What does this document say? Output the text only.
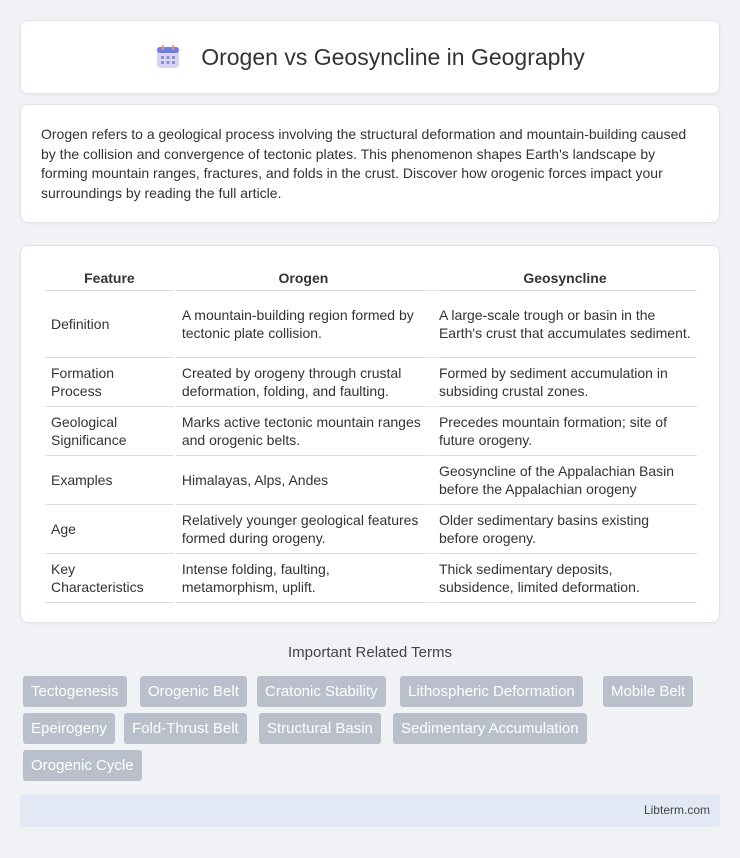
Orogen vs Geosyncline in Geography

Orogen refers to a geological process involving the structural deformation and mountain-building caused by the collision and convergence of tectonic plates. This phenomenon shapes Earth's landscape by forming mountain ranges, fractures, and folds in the crust. Discover how orogenic forces impact your surroundings by reading the full article.

Feature	Orogen	Geosyncline
Definition	A mountain-building region formed by tectonic plate collision.	A large-scale trough or basin in the Earth's crust that accumulates sediment.
Formation Process	Created by orogeny through crustal deformation, folding, and faulting.	Formed by sediment accumulation in subsiding crustal zones.
Geological Significance	Marks active tectonic mountain ranges and orogenic belts.	Precedes mountain formation; site of future orogeny.
Examples	Himalayas, Alps, Andes	Geosyncline of the Appalachian Basin before the Appalachian orogeny
Age	Relatively younger geological features formed during orogeny.	Older sedimentary basins existing before orogeny.
Key Characteristics	Intense folding, faulting, metamorphism, uplift.	Thick sedimentary deposits, subsidence, limited deformation.
Important Related Terms
Tectogenesis	Orogenic Belt	Cratonic Stability	Lithospheric Deformation	Mobile Belt
Epeirogeny	Fold-Thrust Belt	Structural Basin	Sedimentary Accumulation
Orogenic Cycle
Libterm.com
